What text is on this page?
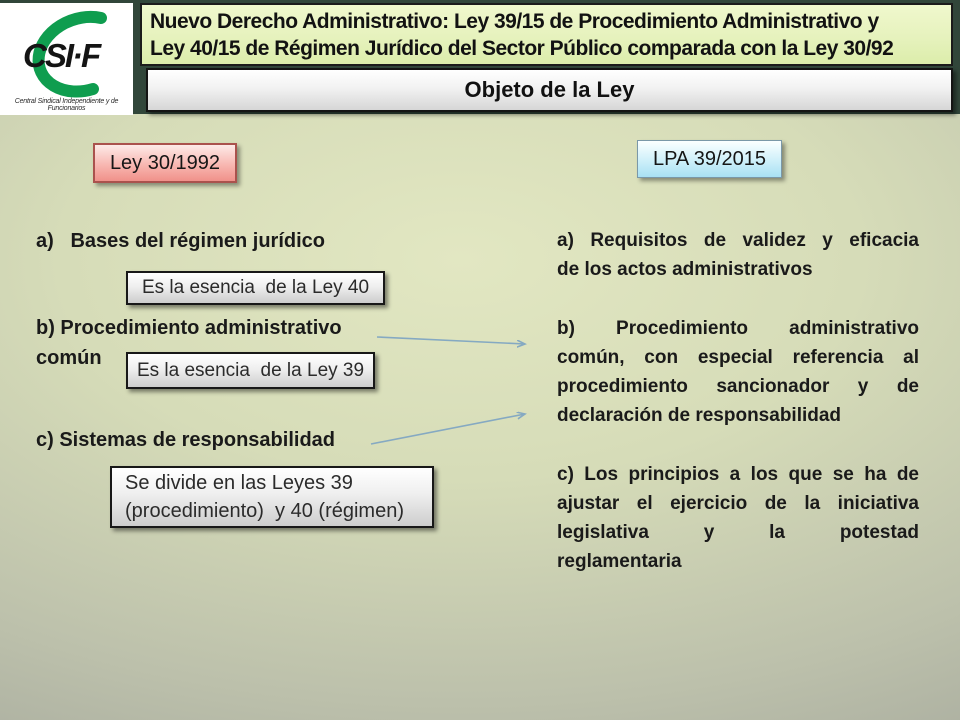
CSI·F
Central Sindical Independiente y de Funcionarios
Nuevo Derecho Administrativo: Ley 39/15 de Procedimiento Administrativo y
Ley 40/15 de Régimen Jurídico del Sector Público comparada con la Ley 30/92
Objeto de la Ley
Ley 30/1992	LPA 39/2015
a)   Bases del régimen jurídico
Es la esencia  de la Ley 40
b) Procedimiento administrativo
común
Es la esencia  de la Ley 39
c) Sistemas de responsabilidad
Se divide en las Leyes 39
(procedimiento)  y 40 (régimen)
a) Requisitos de validez y eficacia
de los actos administrativos
b) Procedimiento administrativo
común, con especial referencia al
procedimiento sancionador y de
declaración de responsabilidad
c) Los principios a los que se ha de
ajustar el ejercicio de la iniciativa
legislativa y la potestad
reglamentaria
